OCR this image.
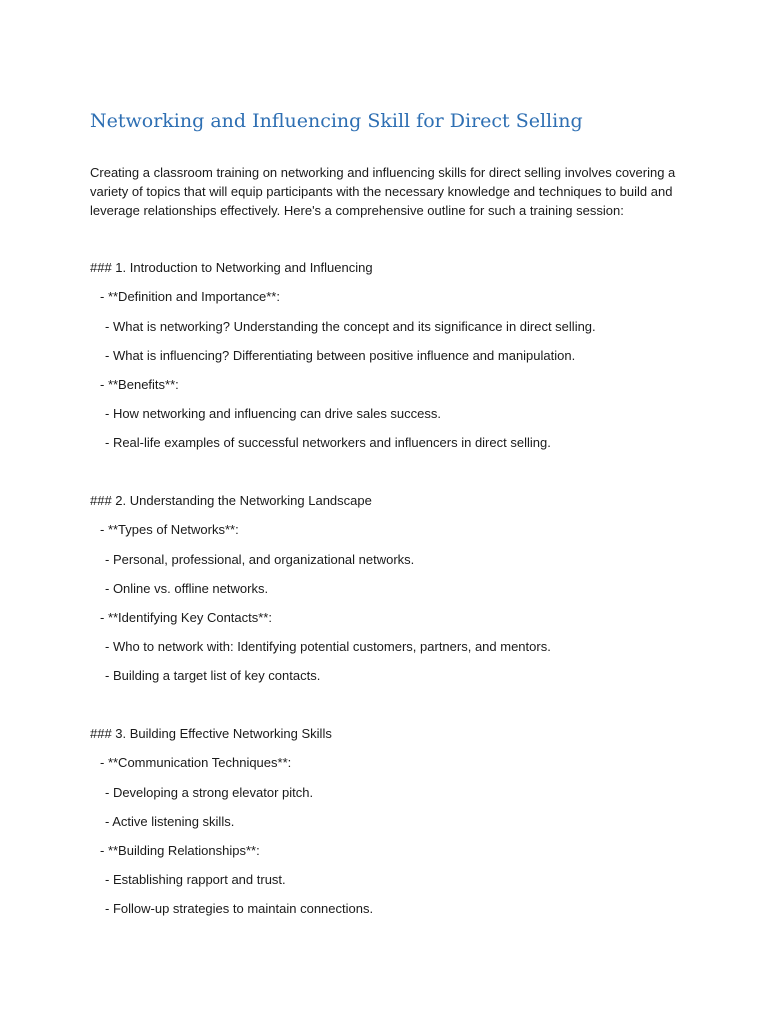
Networking and Influencing Skill for Direct Selling

Creating a classroom training on networking and influencing skills for direct selling involves covering a variety of topics that will equip participants with the necessary knowledge and techniques to build and leverage relationships effectively. Here's a comprehensive outline for such a training session:

### 1. Introduction to Networking and Influencing

- **Definition and Importance**:

- What is networking? Understanding the concept and its significance in direct selling.

- What is influencing? Differentiating between positive influence and manipulation.

- **Benefits**:

- How networking and influencing can drive sales success.

- Real-life examples of successful networkers and influencers in direct selling.

### 2. Understanding the Networking Landscape

- **Types of Networks**:

- Personal, professional, and organizational networks.

- Online vs. offline networks.

- **Identifying Key Contacts**:

- Who to network with: Identifying potential customers, partners, and mentors.

- Building a target list of key contacts.

### 3. Building Effective Networking Skills

- **Communication Techniques**:

- Developing a strong elevator pitch.

- Active listening skills.

- **Building Relationships**:

- Establishing rapport and trust.

- Follow-up strategies to maintain connections.
